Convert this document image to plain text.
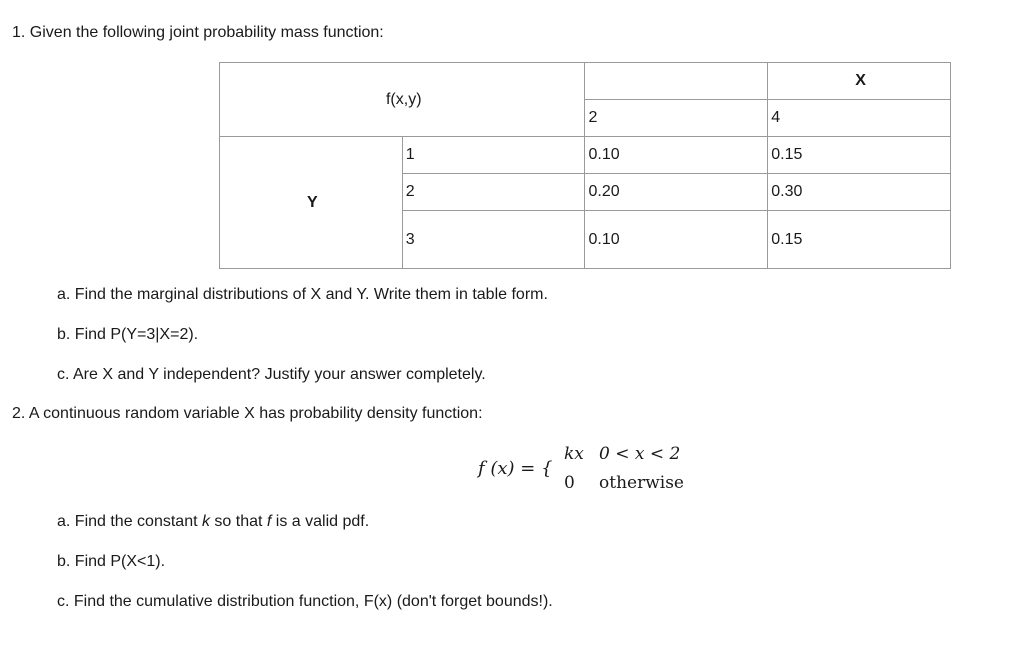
1. Given the following joint probability mass function:
f(x,y)			X
		2	4
Y	1	0.10	0.15
	2	0.20	0.30
	3	0.10	0.15
a. Find the marginal distributions of X and Y. Write them in table form.
b. Find P(Y=3|X=2).
c. Are X and Y independent? Justify your answer completely.
2. A continuous random variable X has probability density function:
f (x) = {
kx 0 < x < 2
0 otherwise
a. Find the constant k so that f is a valid pdf.
b. Find P(X<1).
c. Find the cumulative distribution function, F(x) (don't forget bounds!).
